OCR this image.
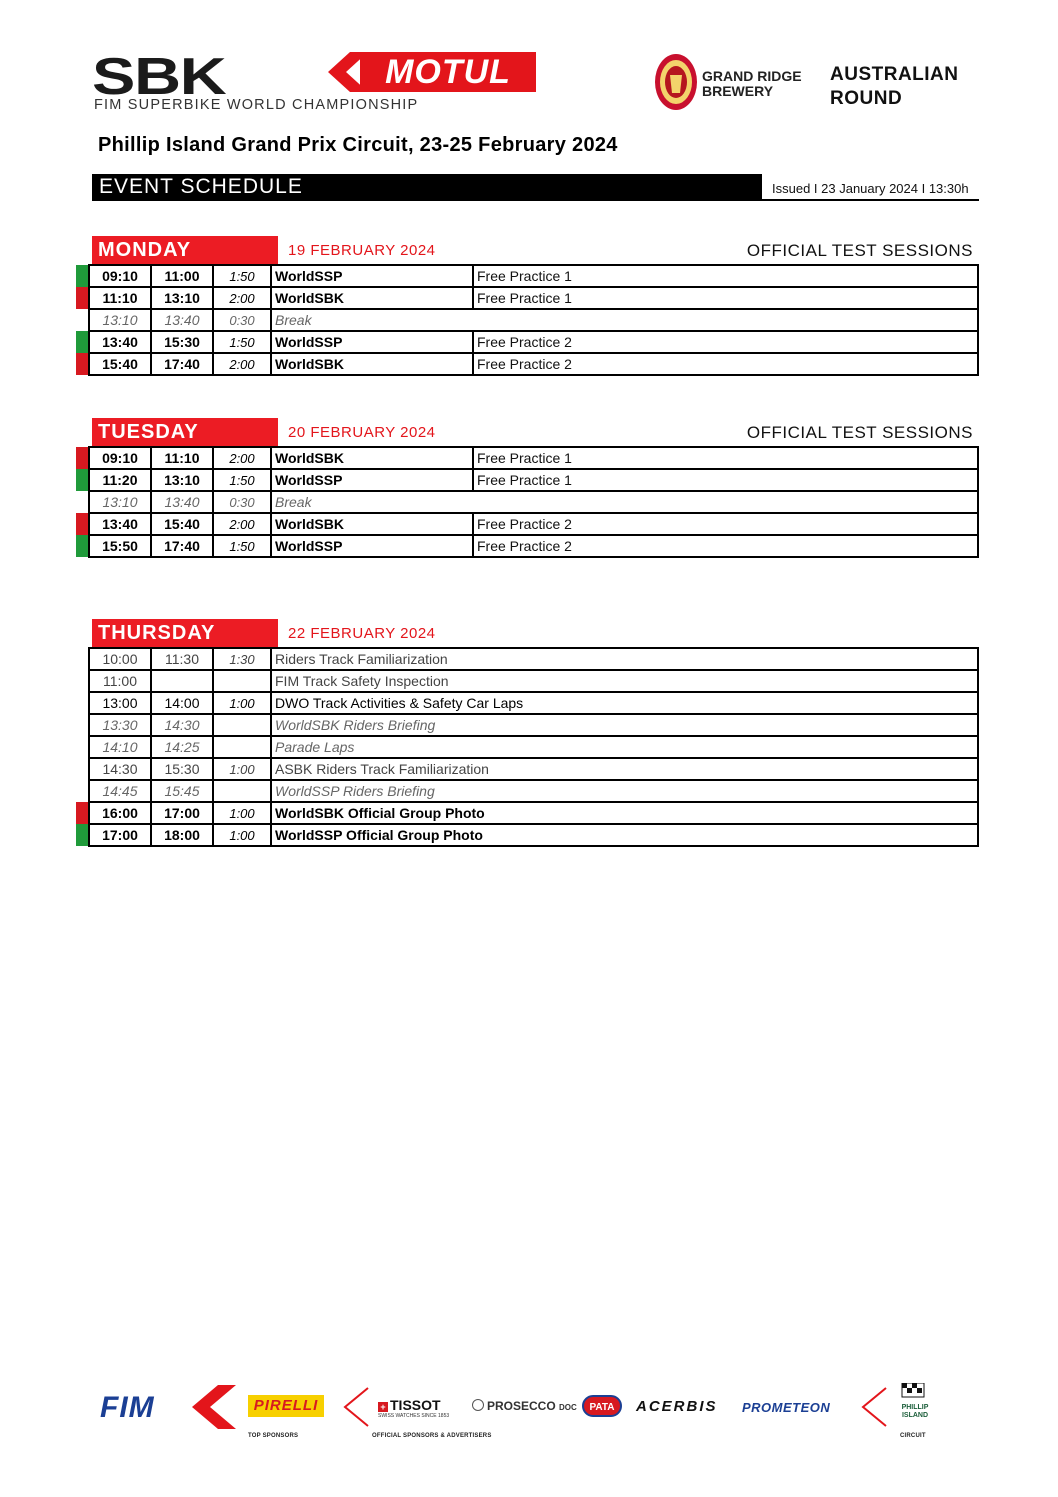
SBK	MOTUL
FIM SUPERBIKE WORLD CHAMPIONSHIP
GRAND RIDGE
BREWERY
AUSTRALIAN
ROUND
Phillip Island Grand Prix Circuit, 23-25 February 2024
EVENT SCHEDULE	Issued I 23 January 2024 I 13:30h
MONDAY	19 FEBRUARY 2024	OFFICIAL TEST SESSIONS
	09:10	11:00	1:50	WorldSSP	Free Practice 1
	11:10	13:10	2:00	WorldSBK	Free Practice 1
	13:10	13:40	0:30	Break	
	13:40	15:30	1:50	WorldSSP	Free Practice 2
	15:40	17:40	2:00	WorldSBK	Free Practice 2
TUESDAY	20 FEBRUARY 2024	OFFICIAL TEST SESSIONS
	09:10	11:10	2:00	WorldSBK	Free Practice 1
	11:20	13:10	1:50	WorldSSP	Free Practice 1
	13:10	13:40	0:30	Break	
	13:40	15:40	2:00	WorldSBK	Free Practice 2
	15:50	17:40	1:50	WorldSSP	Free Practice 2
THURSDAY	22 FEBRUARY 2024
	10:00	11:30	1:30	Riders Track Familiarization
	11:00			FIM Track Safety Inspection
	13:00	14:00	1:00	DWO Track Activities & Safety Car Laps
	13:30	14:30		WorldSBK Riders Briefing
	14:10	14:25		Parade Laps
	14:30	15:30	1:00	ASBK Riders Track Familiarization
	14:45	15:45		WorldSSP Riders Briefing
	16:00	17:00	1:00	WorldSBK Official Group Photo
	17:00	18:00	1:00	WorldSSP Official Group Photo
FIM	PIRELLI
TOP SPONSORS
+ TISSOT
SWISS WATCHES SINCE 1853
OFFICIAL SPONSORS & ADVERTISERS
PROSECCO DOC	PATA	ACERBIS PROMETEON	PHILLIP
ISLAND
CIRCUIT
